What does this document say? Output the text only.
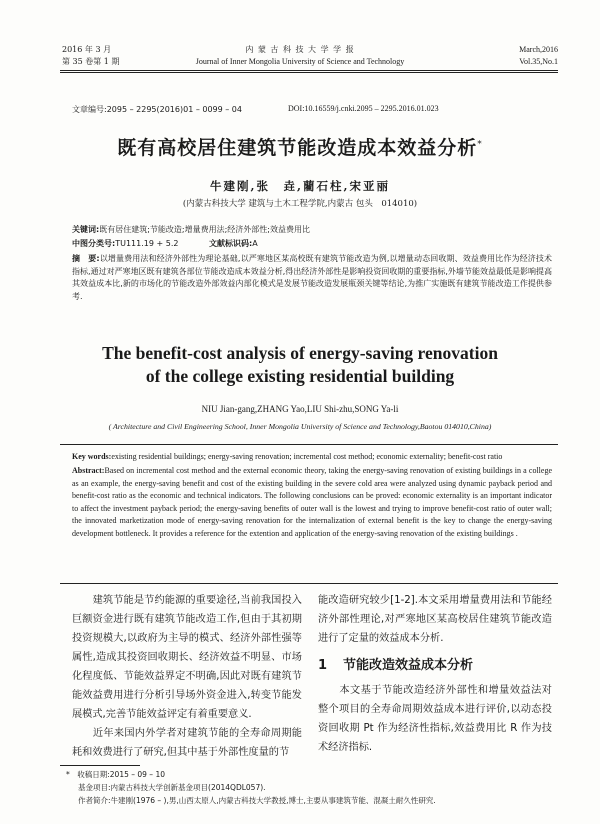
2016 年 3 月
第 35 卷第 1 期
内 蒙 古 科 技 大 学 学 报
Journal of Inner Mongolia University of Science and Technology
March,2016
Vol.35,No.1
文章编号:2095 – 2295(2016)01 – 0099 – 04	DOI:10.16559/j.cnki.2095 – 2295.2016.01.023
既有高校居住建筑节能改造成本效益分析*
牛建刚,张　垚,藺石柱,宋亚丽
(内蒙古科技大学 建筑与土木工程学院,内蒙古 包头　014010)
关键词:既有居住建筑;节能改造;增量费用法;经济外部性;效益费用比
中图分类号:TU111.19 + 5.2	文献标识码:A
摘　要:以增量费用法和经济外部性为理论基础,以严寒地区某高校既有建筑节能改造为例,以增量动态回收期、效益费用比作为经济技术指标,通过对严寒地区既有建筑各部位节能改造成本效益分析,得出经济外部性是影响投资回收期的重要指标,外墙节能效益最低是影响提高其效益成本比,新的市场化的节能改造外部效益内部化模式是发展节能改造发展瓶颈关键等结论,为推广实施既有建筑节能改造工作提供参考.
The benefit-cost analysis of energy-saving renovation
of the college existing residential building
NIU Jian-gang,ZHANG Yao,LIU Shi-zhu,SONG Ya-li
( Architecture and Civil Engineering School, Inner Mongolia University of Science and Technology,Baotou 014010,China)
Key words:existing residential buildings; energy-saving renovation; incremental cost method; economic externality; benefit-cost ratio
Abstract:Based on incremental cost method and the external economic theory, taking the energy-saving renovation of existing buildings in a college as an example, the energy-saving benefit and cost of the existing building in the severe cold area were analyzed using dynamic payback period and benefit-cost ratio as the economic and technical indicators. The following conclusions can be proved: economic externality is an important indicator to affect the investment payback period; the energy-saving benefits of outer wall is the lowest and trying to improve benefit-cost ratio of outer wall; the innovated marketization mode of energy-saving renovation for the internalization of external benefit is the key to change the energy-saving development bottleneck. It provides a reference for the extention and application of the energy-saving renovation of the existing buildings .
　　建筑节能是节约能源的重要途径,当前我国投入巨额资金进行既有建筑节能改造工作,但由于其初期投资规模大,以政府为主导的模式、经济外部性强等属性,造成其投资回收期长、经济效益不明显、市场化程度低、节能效益界定不明确,因此对既有建筑节能效益费用进行分析引导场外资金进入,转变节能发展模式,完善节能效益评定有着重要意义.
　　近年来国内外学者对建筑节能的全寿命周期能耗和效费进行了研究,但其中基于外部性度量的节
能改造研究较少[1-2].本文采用增量费用法和节能经济外部性理论,对严寒地区某高校居住建筑节能改造进行了定量的效益成本分析.
1 节能改造效益成本分析
　　本文基于节能改造经济外部性和增量效益法对整个项目的全寿命周期效益成本进行评价,以动态投资回收期 Pt 作为经济性指标,效益费用比 R 作为技术经济指标.
*　收稿日期:2015 – 09 – 10
基金项目:内蒙古科技大学创新基金项目(2014QDL057).
作者简介:牛建刚(1976 – ),男,山西太原人,内蒙古科技大学教授,博士,主要从事建筑节能、混凝土耐久性研究.
